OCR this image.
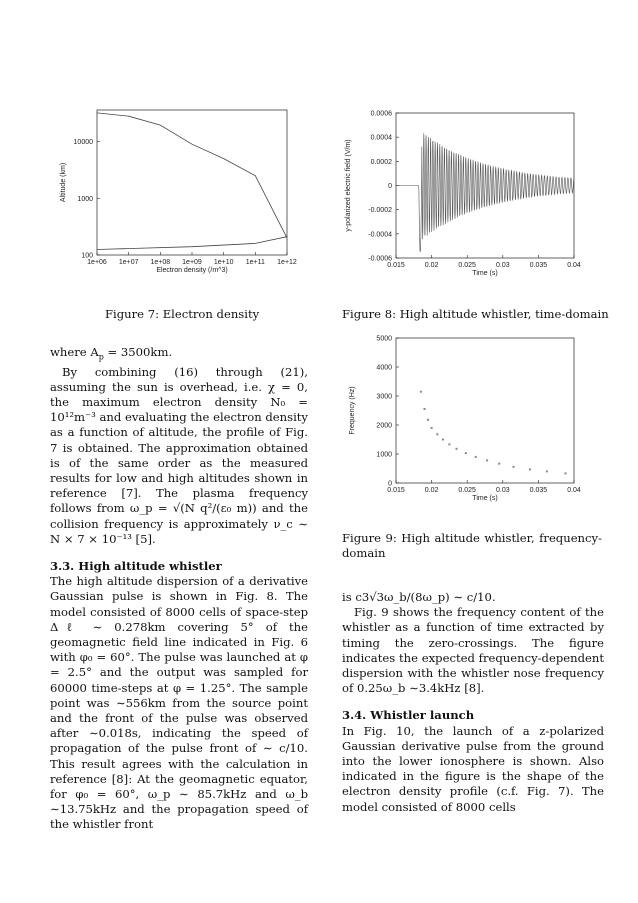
1e+06 1e+07 1e+08 1e+09 1e+10 1e+11 1e+12
100
1000
10000
Electron density (/m^3)
Altitude (km)
Figure 7: Electron density
0.015	0.02	0.025	0.03	0.035	0.04
0.0006
0.0004
0.0002
0
-0.0002
-0.0004
-0.0006
Time (s)
y-polarized electric field (V/m)
Figure 8: High altitude whistler, time-domain
0.015	0.02	0.025	0.03	0.035	0.04
5000
4000
3000
2000
1000
0
Time (s)
Frequency (Hz)
Figure 9: High altitude whistler, frequency-domain

where $A_p = 3500km$.

By combining (16) through (21), assuming the sun is overhead, i.e. χ = 0, the maximum electron density N₀ = 10¹²m⁻³ and evaluating the electron density as a function of altitude, the profile of Fig. 7 is obtained. The approximation obtained is of the same order as the measured results for low and high altitudes shown in reference [7]. The plasma frequency follows from ω_p = √(N q²/(ε₀ m)) and the collision frequency is approximately ν_c ∼ N × 7 × 10⁻¹³ [5].

3.3. High altitude whistler

The high altitude dispersion of a derivative Gaussian pulse is shown in Fig. 8. The model consisted of 8000 cells of space-step Δℓ ∼ 0.278km covering 5° of the geomagnetic field line indicated in Fig. 6 with φ₀ = 60°. The pulse was launched at φ = 2.5° and the output was sampled for 60000 time-steps at φ = 1.25°. The sample point was ∼556km from the source point and the front of the pulse was observed after ∼0.018s, indicating the speed of propagation of the pulse front of ∼ c/10. This result agrees with the calculation in reference [8]: At the geomagnetic equator, for φ₀ = 60°, ω_p ∼ 85.7kHz and ω_b ∼13.75kHz and the propagation speed of the whistler front

is c3√3ω_b/(8ω_p) ∼ c/10.

Fig. 9 shows the frequency content of the whistler as a function of time extracted by timing the zero-crossings. The figure indicates the expected frequency-dependent dispersion with the whistler nose frequency of 0.25ω_b ∼3.4kHz [8].

3.4. Whistler launch

In Fig. 10, the launch of a z-polarized Gaussian derivative pulse from the ground into the lower ionosphere is shown. Also indicated in the figure is the shape of the electron density profile (c.f. Fig. 7). The model consisted of 8000 cells
